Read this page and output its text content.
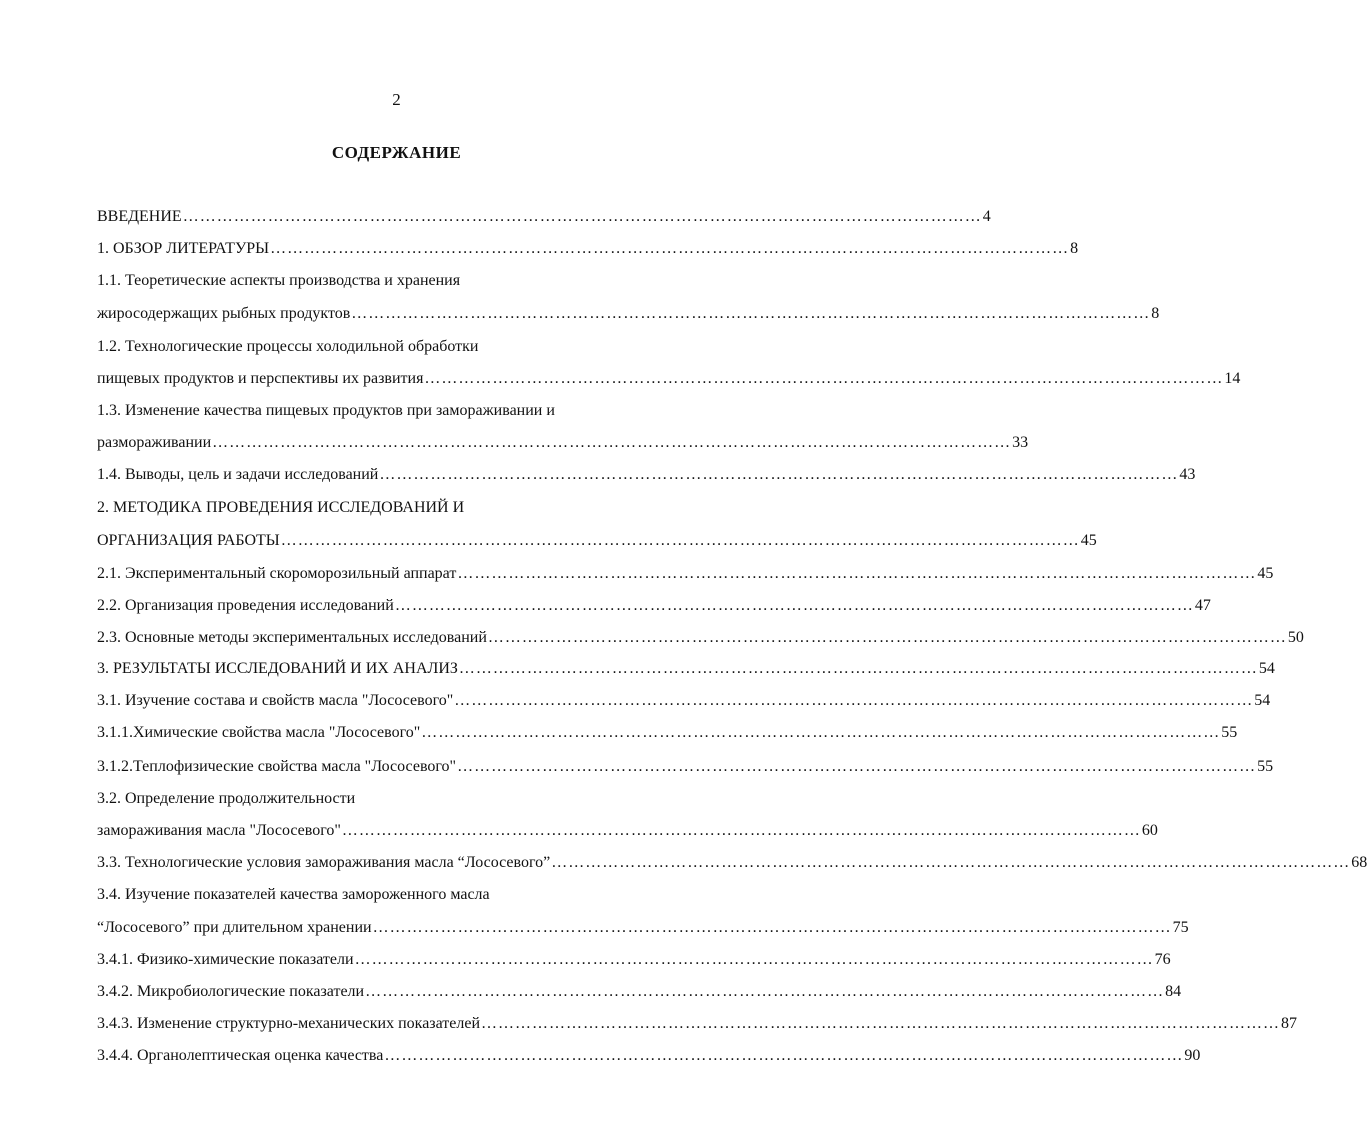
2
СОДЕРЖАНИЕ
ВВЕДЕНИЕ …………………………………………………………………………………………………………………………… 4
1. ОБЗОР ЛИТЕРАТУРЫ …………………………………………………………………………………………………………………………… 8
1.1. Теоретические аспекты производства и хранения
жиросодержащих рыбных продуктов …………………………………………………………………………………………………………………………… 8
1.2. Технологические процессы холодильной обработки
пищевых продуктов и перспективы их развития …………………………………………………………………………………………………………………………… 14
1.3. Изменение качества пищевых продуктов при замораживании и
размораживании …………………………………………………………………………………………………………………………… 33
1.4. Выводы, цель и задачи исследований …………………………………………………………………………………………………………………………… 43
2. МЕТОДИКА ПРОВЕДЕНИЯ ИССЛЕДОВАНИЙ И
ОРГАНИЗАЦИЯ РАБОТЫ …………………………………………………………………………………………………………………………… 45
2.1. Экспериментальный скороморозильный аппарат …………………………………………………………………………………………………………………………… 45
2.2. Организация проведения исследований …………………………………………………………………………………………………………………………… 47
2.3. Основные методы экспериментальных исследований …………………………………………………………………………………………………………………………… 50
3. РЕЗУЛЬТАТЫ ИССЛЕДОВАНИЙ И ИХ АНАЛИЗ …………………………………………………………………………………………………………………………… 54
3.1. Изучение состава и свойств масла "Лососевого" …………………………………………………………………………………………………………………………… 54
3.1.1.Химические свойства масла "Лососевого" …………………………………………………………………………………………………………………………… 55
3.1.2.Теплофизические свойства масла "Лососевого" …………………………………………………………………………………………………………………………… 55
3.2. Определение продолжительности
замораживания масла "Лососевого" …………………………………………………………………………………………………………………………… 60
3.3. Технологические условия замораживания масла “Лососевого” …………………………………………………………………………………………………………………………… 68
3.4. Изучение показателей качества замороженного масла
“Лососевого” при длительном хранении …………………………………………………………………………………………………………………………… 75
3.4.1. Физико-химические показатели …………………………………………………………………………………………………………………………… 76
3.4.2. Микробиологические показатели …………………………………………………………………………………………………………………………… 84
3.4.3. Изменение структурно-механических показателей …………………………………………………………………………………………………………………………… 87
3.4.4. Органолептическая оценка качества …………………………………………………………………………………………………………………………… 90
